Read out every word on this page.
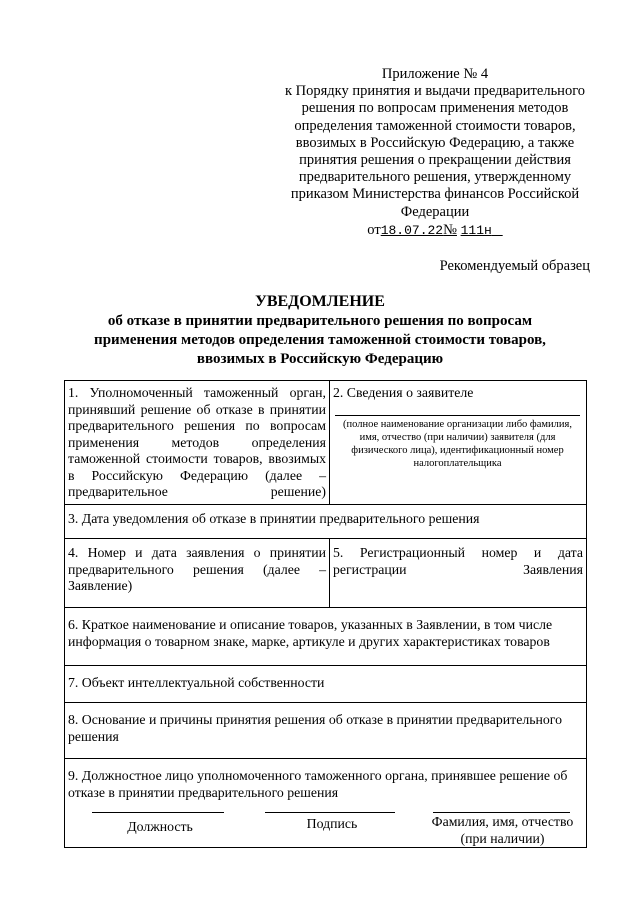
Приложение № 4
к Порядку принятия и выдачи предварительного
решения по вопросам применения методов
определения таможенной стоимости товаров,
ввозимых в Российскую Федерацию, а также
принятия решения о прекращении действия
предварительного решения, утвержденному
приказом Министерства финансов Российской
Федерации
от18.07.22№ 111н
Рекомендуемый образец
УВЕДОМЛЕНИЕ
об отказе в принятии предварительного решения по вопросам
применения методов определения таможенной стоимости товаров,
ввозимых в Российскую Федерацию
1. Уполномоченный таможенный орган, принявший решение об отказе в принятии предварительного решения по вопросам применения методов определения таможенной стоимости товаров, ввозимых в Российскую Федерацию (далее – предварительное решение)
2. Сведения о заявителе
(полное наименование организации либо фамилия, имя, отчество (при наличии) заявителя (для физического лица), идентификационный номер налогоплательщика
3. Дата уведомления об отказе в принятии предварительного решения
4. Номер и дата заявления о принятии предварительного решения (далее – Заявление)
5. Регистрационный номер и дата регистрации Заявления
6. Краткое наименование и описание товаров, указанных в Заявлении, в том числе информация о товарном знаке, марке, артикуле и других характеристиках товаров
7. Объект интеллектуальной собственности
8. Основание и причины принятия решения об отказе в принятии предварительного решения
9. Должностное лицо уполномоченного таможенного органа, принявшее решение об отказе в принятии предварительного решения
Должность	Подпись	Фамилия, имя, отчество
(при наличии)
